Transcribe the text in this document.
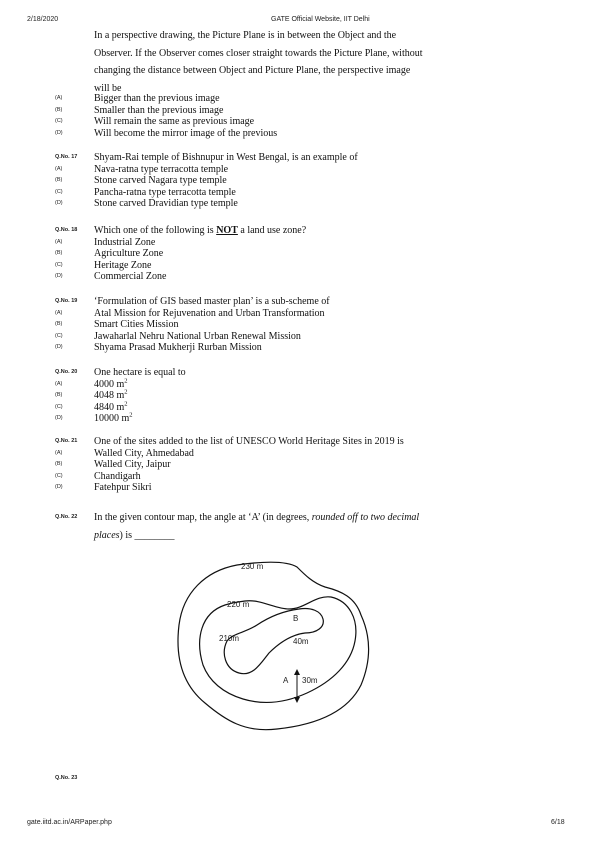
2/18/2020	GATE Official Website, IIT Delhi
In a perspective drawing, the Picture Plane is in between the Object and the Observer. If the Observer comes closer straight towards the Picture Plane, without changing the distance between Object and Picture Plane, the perspective image will be
(A)	Bigger than the previous image
(B)	Smaller than the previous image
(C)	Will remain the same as previous image
(D)	Will become the mirror image of the previous
Q.No. 17	Shyam-Rai temple of Bishnupur in West Bengal, is an example of
(A)	Nava-ratna type terracotta temple
(B)	Stone carved Nagara type temple
(C)	Pancha-ratna type terracotta temple
(D)	Stone carved Dravidian type temple
Q.No. 18	Which one of the following is NOT a land use zone?
(A)	Industrial Zone
(B)	Agriculture Zone
(C)	Heritage Zone
(D)	Commercial Zone
Q.No. 19	‘Formulation of GIS based master plan’ is a sub-scheme of
(A)	Atal Mission for Rejuvenation and Urban Transformation
(B)	Smart Cities Mission
(C)	Jawaharlal Nehru National Urban Renewal Mission
(D)	Shyama Prasad Mukherji Rurban Mission
Q.No. 20	One hectare is equal to
(A)	4000 $m^2$
(B)	4048 $m^2$
(C)	4840 $m^2$
(D)	10000 $m^2$
Q.No. 21	One of the sites added to the list of UNESCO World Heritage Sites in 2019 is
(A)	Walled City, Ahmedabad
(B)	Walled City, Jaipur
(C)	Chandigarh
(D)	Fatehpur Sikri
Q.No. 22	In the given contour map, the angle at ‘A’ (in degrees, rounded off to two decimal places) is ________
230 m
220 m
210m
B
40m
A 30m
Q.No. 23
gate.iitd.ac.in/ARPaper.php	6/18
